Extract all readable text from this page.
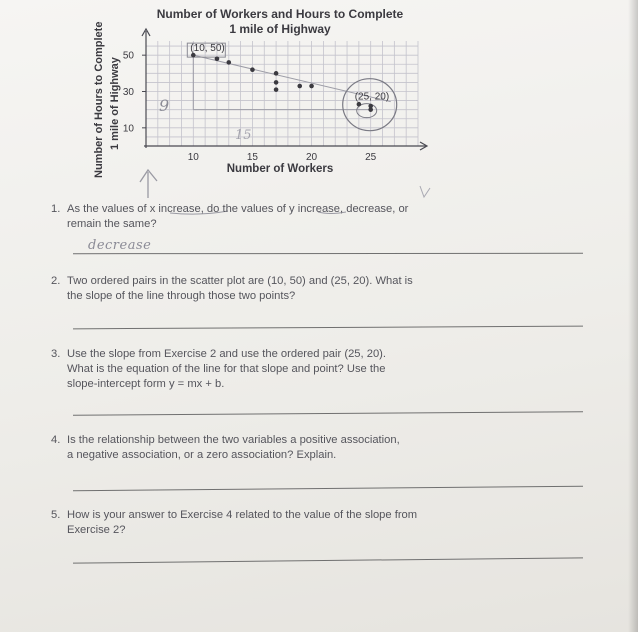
Number of Workers and Hours to Complete
1 mile of Highway
Number of Hours to Complete 1 mile of Highway
Number of Workers
10	15	20	25
10
30
50
(10, 50)
(25, 20)
9
15
1. As the values of x increase, do the values of y increase, decrease, or
remain the same?
decrease
2. Two ordered pairs in the scatter plot are (10, 50) and (25, 20). What is
the slope of the line through those two points?
3. Use the slope from Exercise 2 and use the ordered pair (25, 20).
What is the equation of the line for that slope and point? Use the
slope-intercept form y = mx + b.
4. Is the relationship between the two variables a positive association,
a negative association, or a zero association? Explain.
5. How is your answer to Exercise 4 related to the value of the slope from
Exercise 2?
